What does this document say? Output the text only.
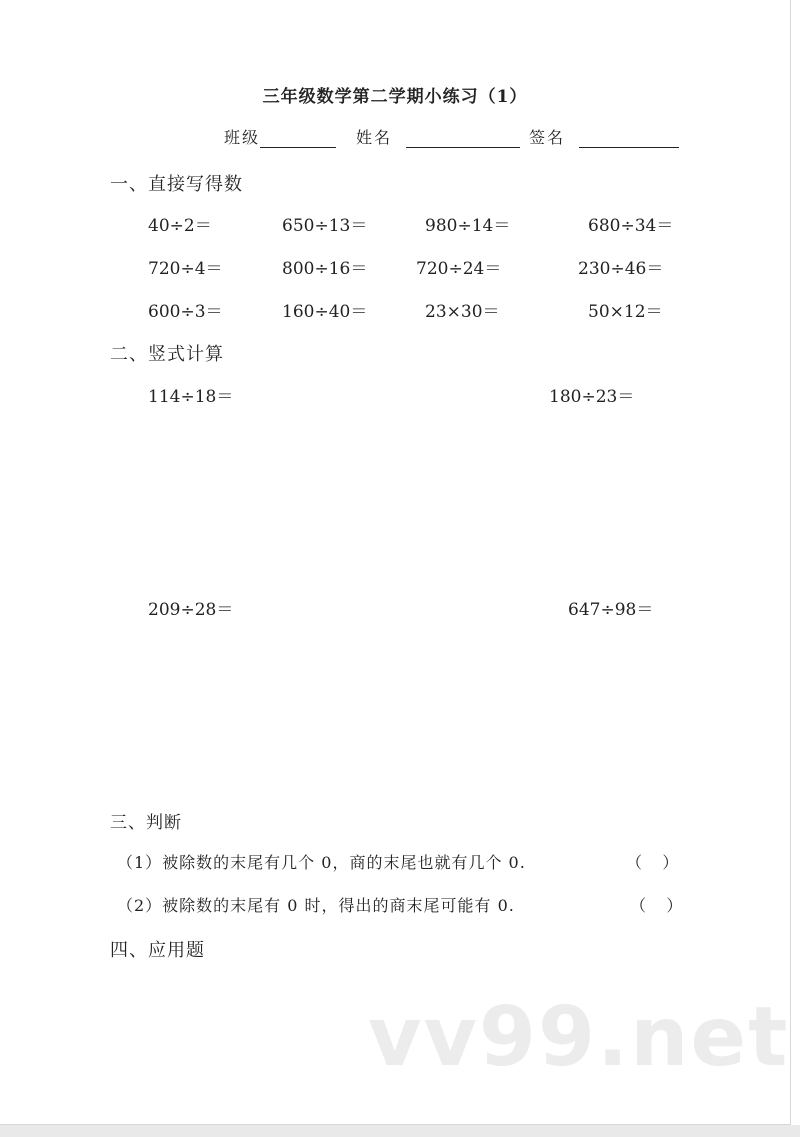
三年级数学第二学期小练习（1）
班级	姓名	签名
一、直接写得数
40÷2＝	650÷13＝	980÷14＝	680÷34＝
720÷4＝	800÷16＝	720÷24＝	230÷46＝
600÷3＝	160÷40＝	23×30＝	50×12＝
二、竖式计算
114÷18＝	180÷23＝
209÷28＝	647÷98＝
三、判断
（1）被除数的末尾有几个 0，商的末尾也就有几个 0.	（    ）
（2）被除数的末尾有 0 时，得出的商末尾可能有 0.	（    ）
四、应用题
vv99.net
